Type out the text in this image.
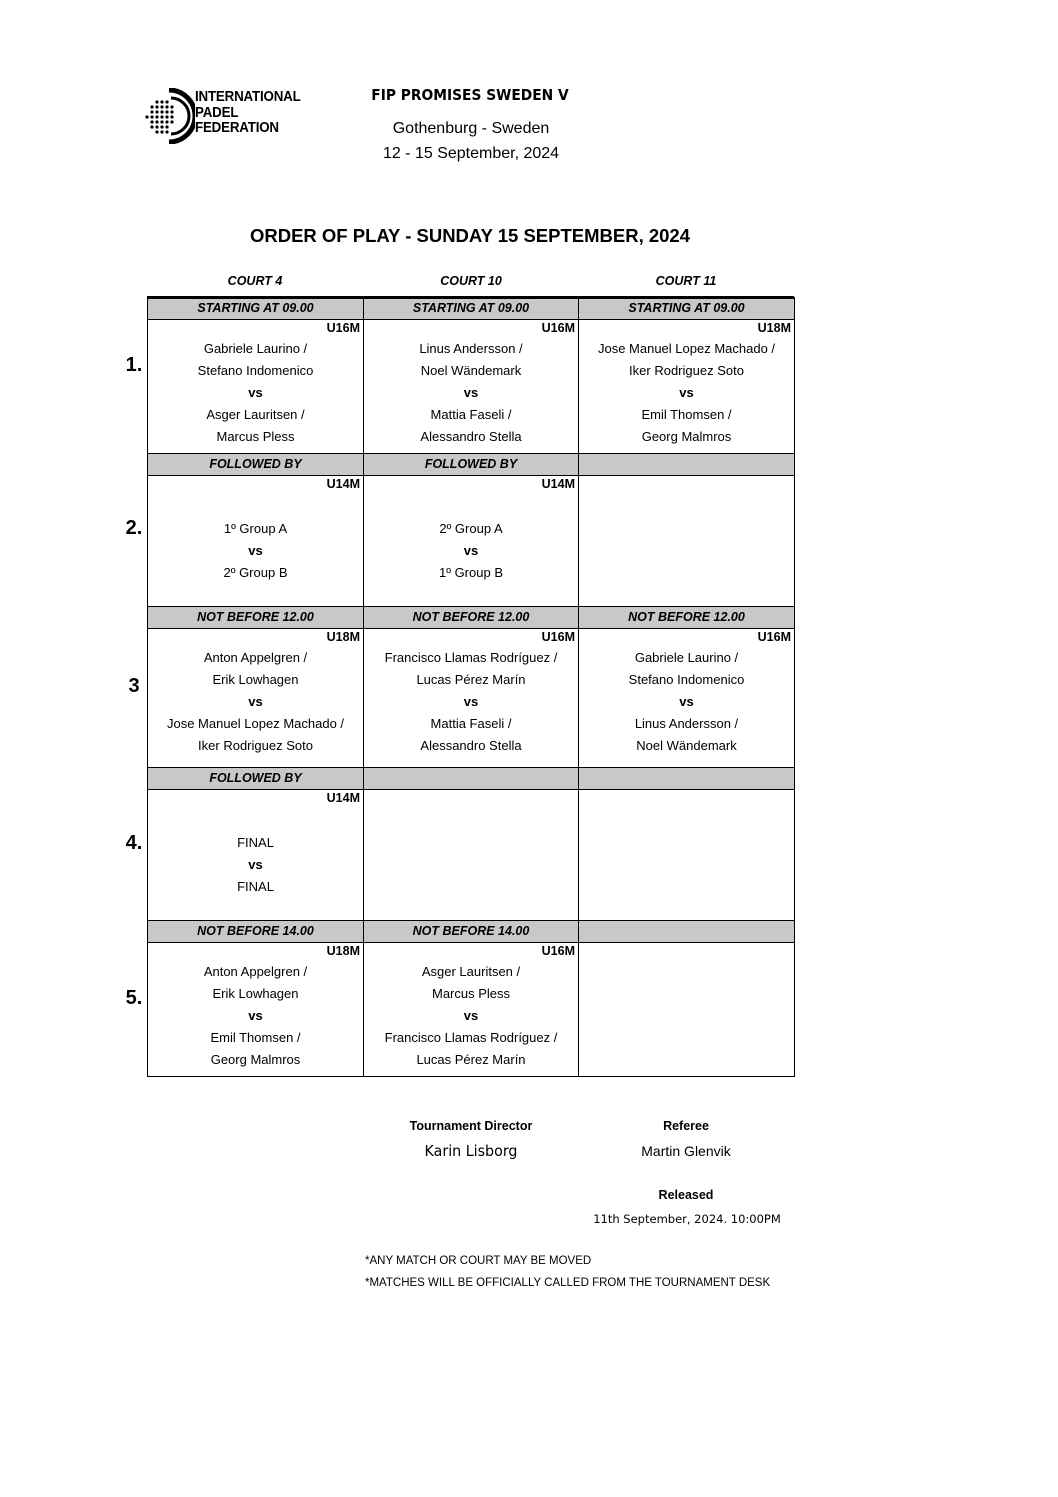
INTERNATIONAL
PADEL
FEDERATION
FIP PROMISES SWEDEN V
Gothenburg - Sweden
12 - 15 September, 2024
ORDER OF PLAY - SUNDAY 15 SEPTEMBER, 2024
COURT 4	COURT 10	COURT 11
STARTING AT 09.00
U16M
Gabriele Laurino /
Stefano Indomenico
vs
Asger Lauritsen /
Marcus Pless
STARTING AT 09.00
U16M
Linus Andersson /
Noel Wändemark
vs
Mattia Faseli /
Alessandro Stella
STARTING AT 09.00
U18M
Jose Manuel Lopez Machado /
Iker Rodriguez Soto
vs
Emil Thomsen /
Georg Malmros
FOLLOWED BY
U14M
1º Group A
vs
2º Group B
FOLLOWED BY
U14M
2º Group A
vs
1º Group B
NOT BEFORE 12.00
U18M
Anton Appelgren /
Erik Lowhagen
vs
Jose Manuel Lopez Machado /
Iker Rodriguez Soto
NOT BEFORE 12.00
U16M
Francisco Llamas Rodríguez /
Lucas Pérez Marín
vs
Mattia Faseli /
Alessandro Stella
NOT BEFORE 12.00
U16M
Gabriele Laurino /
Stefano Indomenico
vs
Linus Andersson /
Noel Wändemark
FOLLOWED BY
U14M
FINAL
vs
FINAL
NOT BEFORE 14.00
U18M
Anton Appelgren /
Erik Lowhagen
vs
Emil Thomsen /
Georg Malmros
NOT BEFORE 14.00
U16M
Asger Lauritsen /
Marcus Pless
vs
Francisco Llamas Rodríguez /
Lucas Pérez Marín
Tournament Director
Karin Lisborg
Referee
Martin Glenvik
Released
11th September, 2024. 10:00PM
*ANY MATCH OR COURT MAY BE MOVED
*MATCHES WILL BE OFFICIALLY CALLED FROM THE TOURNAMENT DESK
1.
2.
3
4.
5.
